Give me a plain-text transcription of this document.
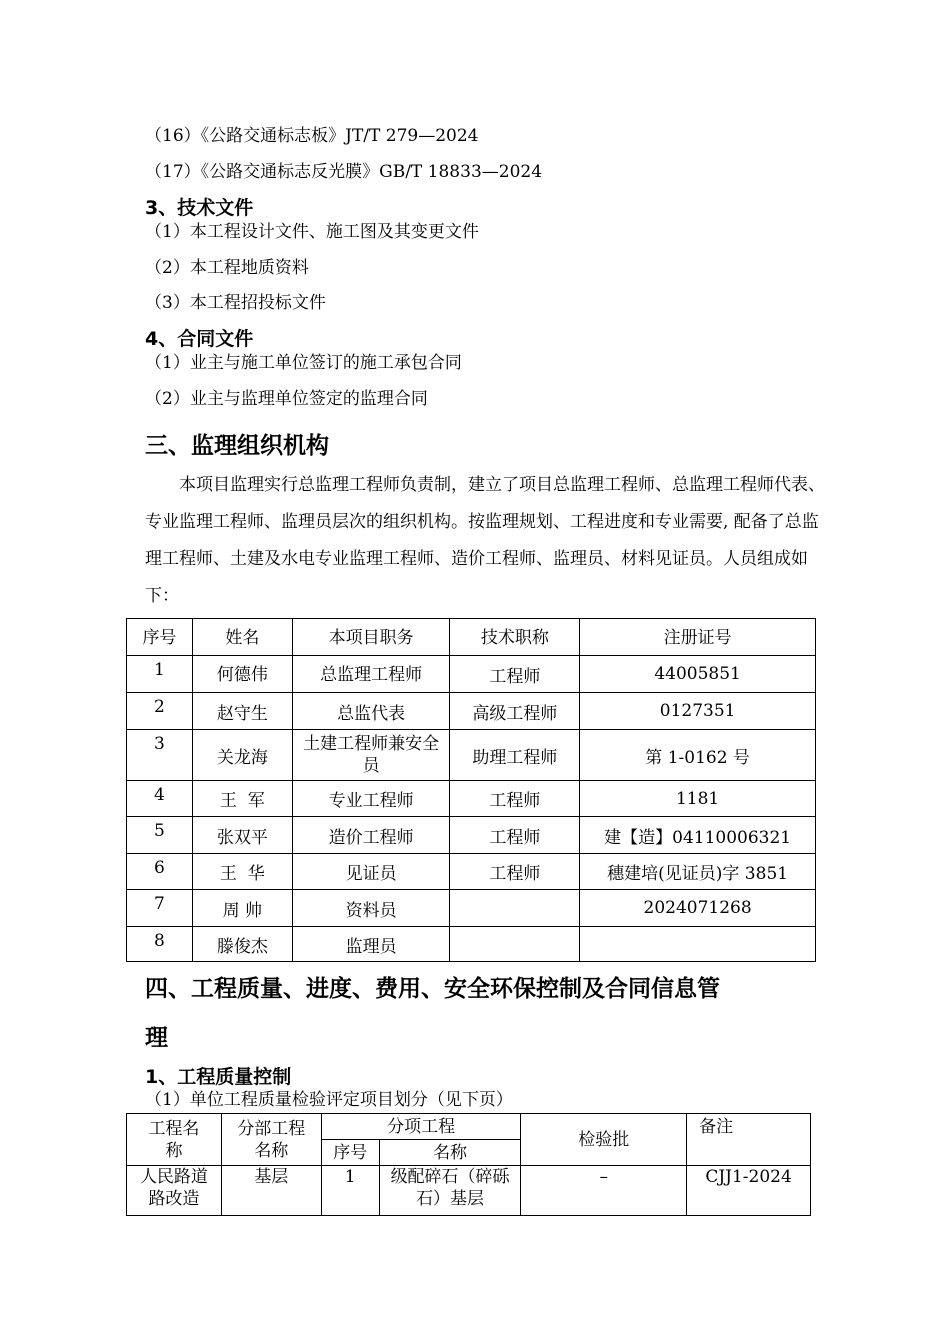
（16）《公路交通标志板》JT/T 279—2024
（17）《公路交通标志反光膜》GB/T 18833—2024
3、技术文件
（1）本工程设计文件、施工图及其变更文件
（2）本工程地质资料
（3）本工程招投标文件
4、合同文件
（1）业主与施工单位签订的施工承包合同
（2）业主与监理单位签定的监理合同
三、监理组织机构
本项目监理实行总监理工程师负责制，建立了项目总监理工程师、总监理工程师代表、专业监理工程师、监理员层次的组织机构。按监理规划、工程进度和专业需要, 配备了总监理工程师、土建及水电专业监理工程师、造价工程师、监理员、材料见证员。人员组成如下：
序号	姓名	本项目职务	技术职称	注册证号
1	何德伟	总监理工程师	工程师	44005851
2	赵守生	总监代表	高级工程师	0127351
3	关龙海	土建工程师兼安全员	助理工程师	第 1-0162 号
4	王  军	专业工程师	工程师	1181
5	张双平	造价工程师	工程师	建【造】04110006321
6	王  华	见证员	工程师	穗建培(见证员)字 3851
7	周 帅	资料员		2024071268
8	滕俊杰	监理员		
四、工程质量、进度、费用、安全环保控制及合同信息管
理
1、工程质量控制
（1）单位工程质量检验评定项目划分（见下页）
工程名称	分部工程名称	分项工程		检验批	备注
		序号	名称		
人民路道路改造	基层	1	级配碎石（碎砾石）基层	–	CJJ1-2024
